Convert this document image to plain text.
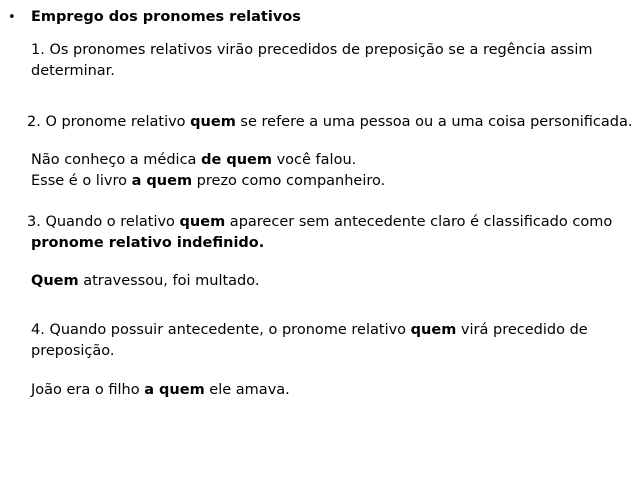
• Emprego dos pronomes relativos
1. Os pronomes relativos virão precedidos de preposição se a regência assim
determinar.
2. O pronome relativo quem se refere a uma pessoa ou a uma coisa personificada.
Não conheço a médica de quem você falou.
Esse é o livro a quem prezo como companheiro.
3. Quando o relativo quem aparecer sem antecedente claro é classificado como
pronome relativo indefinido.
Quem atravessou, foi multado.
4. Quando possuir antecedente, o pronome relativo quem virá precedido de
preposição.
João era o filho a quem ele amava.
